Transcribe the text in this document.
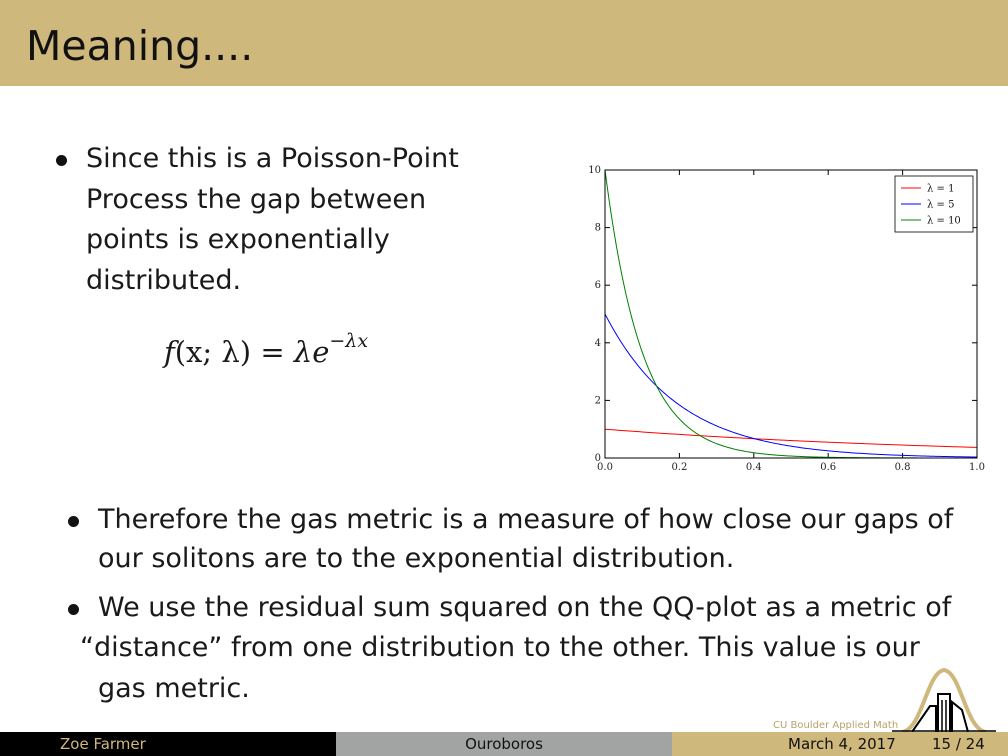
Meaning....
Since this is a Poisson-Point
Process the gap between
points is exponentially
distributed.
f(x; $\lambda) = \lambda e^{-\lambda x}$
0.0	0.2	0.4	0.6	0.8	1.0
0
2
4
6
8
10
λ = 1
λ = 5
λ = 10
Therefore the gas metric is a measure of how close our gaps of
our solitons are to the exponential distribution.
We use the residual sum squared on the QQ-plot as a metric of
“distance” from one distribution to the other. This value is our
gas metric.
CU Boulder Applied Math
Zoe Farmer	Ouroboros	March 4, 2017 15 / 24
